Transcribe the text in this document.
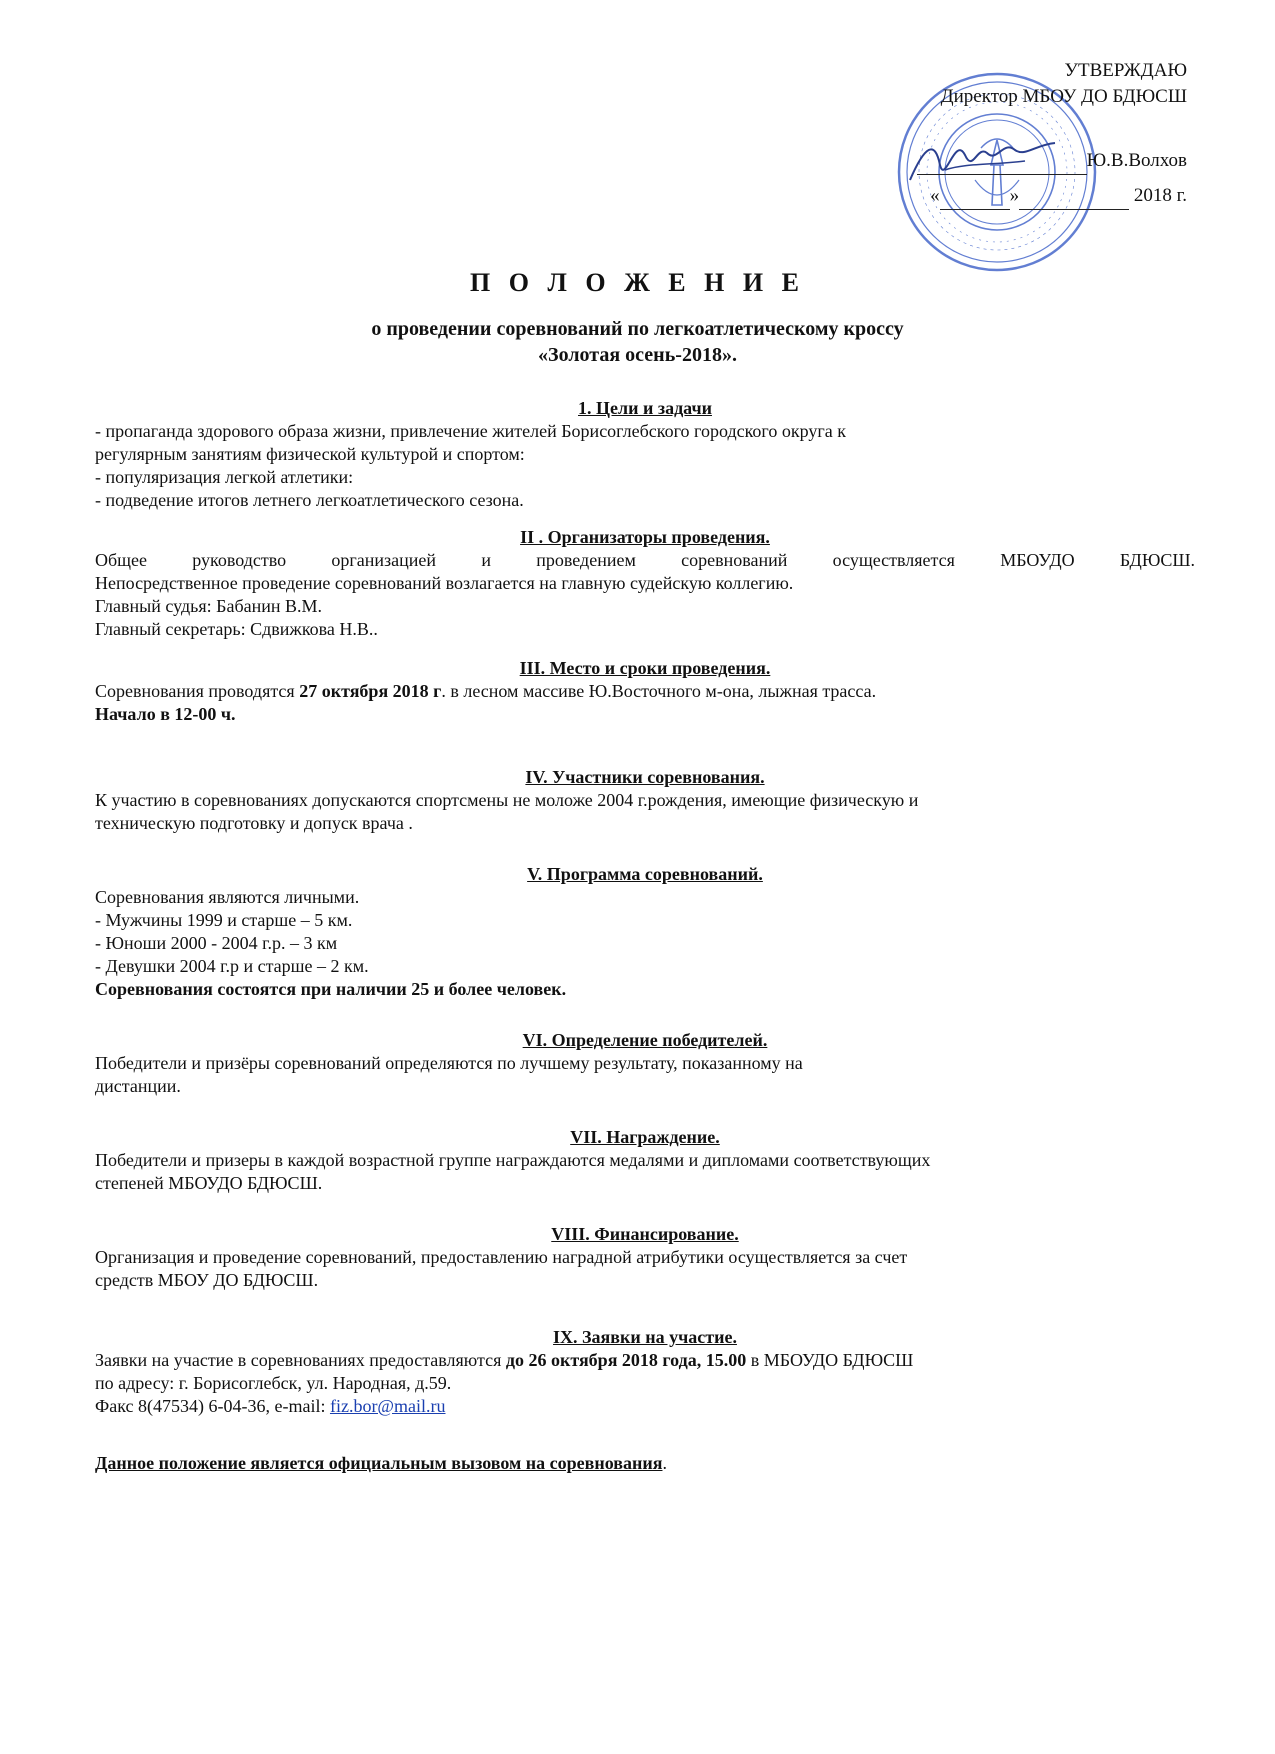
УТВЕРЖДАЮ
Директор МБОУ ДО БДЮСШ
Ю.В.Волхов
«	»	2018 г.
П О Л О Ж Е Н И Е
о проведении соревнований по легкоатлетическому кроссу
«Золотая осень-2018».

1. Цели и задачи

- пропаганда здорового образа жизни, привлечение жителей Борисоглебского городского округа к

регулярным занятиям физической культурой и спортом:

- популяризация легкой атлетики:

- подведение итогов летнего легкоатлетического сезона.

II . Организаторы проведения.

Общее руководство организацией и проведением соревнований осуществляется МБОУДО БДЮСШ.

Непосредственное проведение соревнований возлагается на главную судейскую коллегию.

Главный судья: Бабанин В.М.

Главный секретарь: Сдвижкова Н.В..

III. Место и сроки проведения.

Соревнования проводятся 27 октября 2018 г. в лесном массиве Ю.Восточного м-она, лыжная трасса.

Начало в 12-00 ч.

IV. Участники соревнования.

К участию в соревнованиях допускаются спортсмены не моложе 2004 г.рождения, имеющие физическую и

техническую подготовку и допуск врача .

V. Программа соревнований.

Соревнования являются личными.

- Мужчины 1999 и старше – 5 км.

- Юноши 2000 - 2004 г.р. – 3 км

- Девушки 2004 г.р и старше – 2 км.

Соревнования состоятся при наличии 25 и более человек.

VI. Определение победителей.

Победители и призёры соревнований определяются по лучшему результату, показанному на

дистанции.

VII. Награждение.

Победители и призеры в каждой возрастной группе награждаются медалями и дипломами соответствующих

степеней МБОУДО БДЮСШ.

VIII. Финансирование.

Организация и проведение соревнований, предоставлению наградной атрибутики осуществляется за счет

средств МБОУ ДО БДЮСШ.

IX. Заявки на участие.

Заявки на участие в соревнованиях предоставляются до 26 октября 2018 года, 15.00 в МБОУДО БДЮСШ

по адресу: г. Борисоглебск, ул. Народная, д.59.

Факс 8(47534) 6-04-36, e-mail: fiz.bor@mail.ru

Данное положение является официальным вызовом на соревнования.
